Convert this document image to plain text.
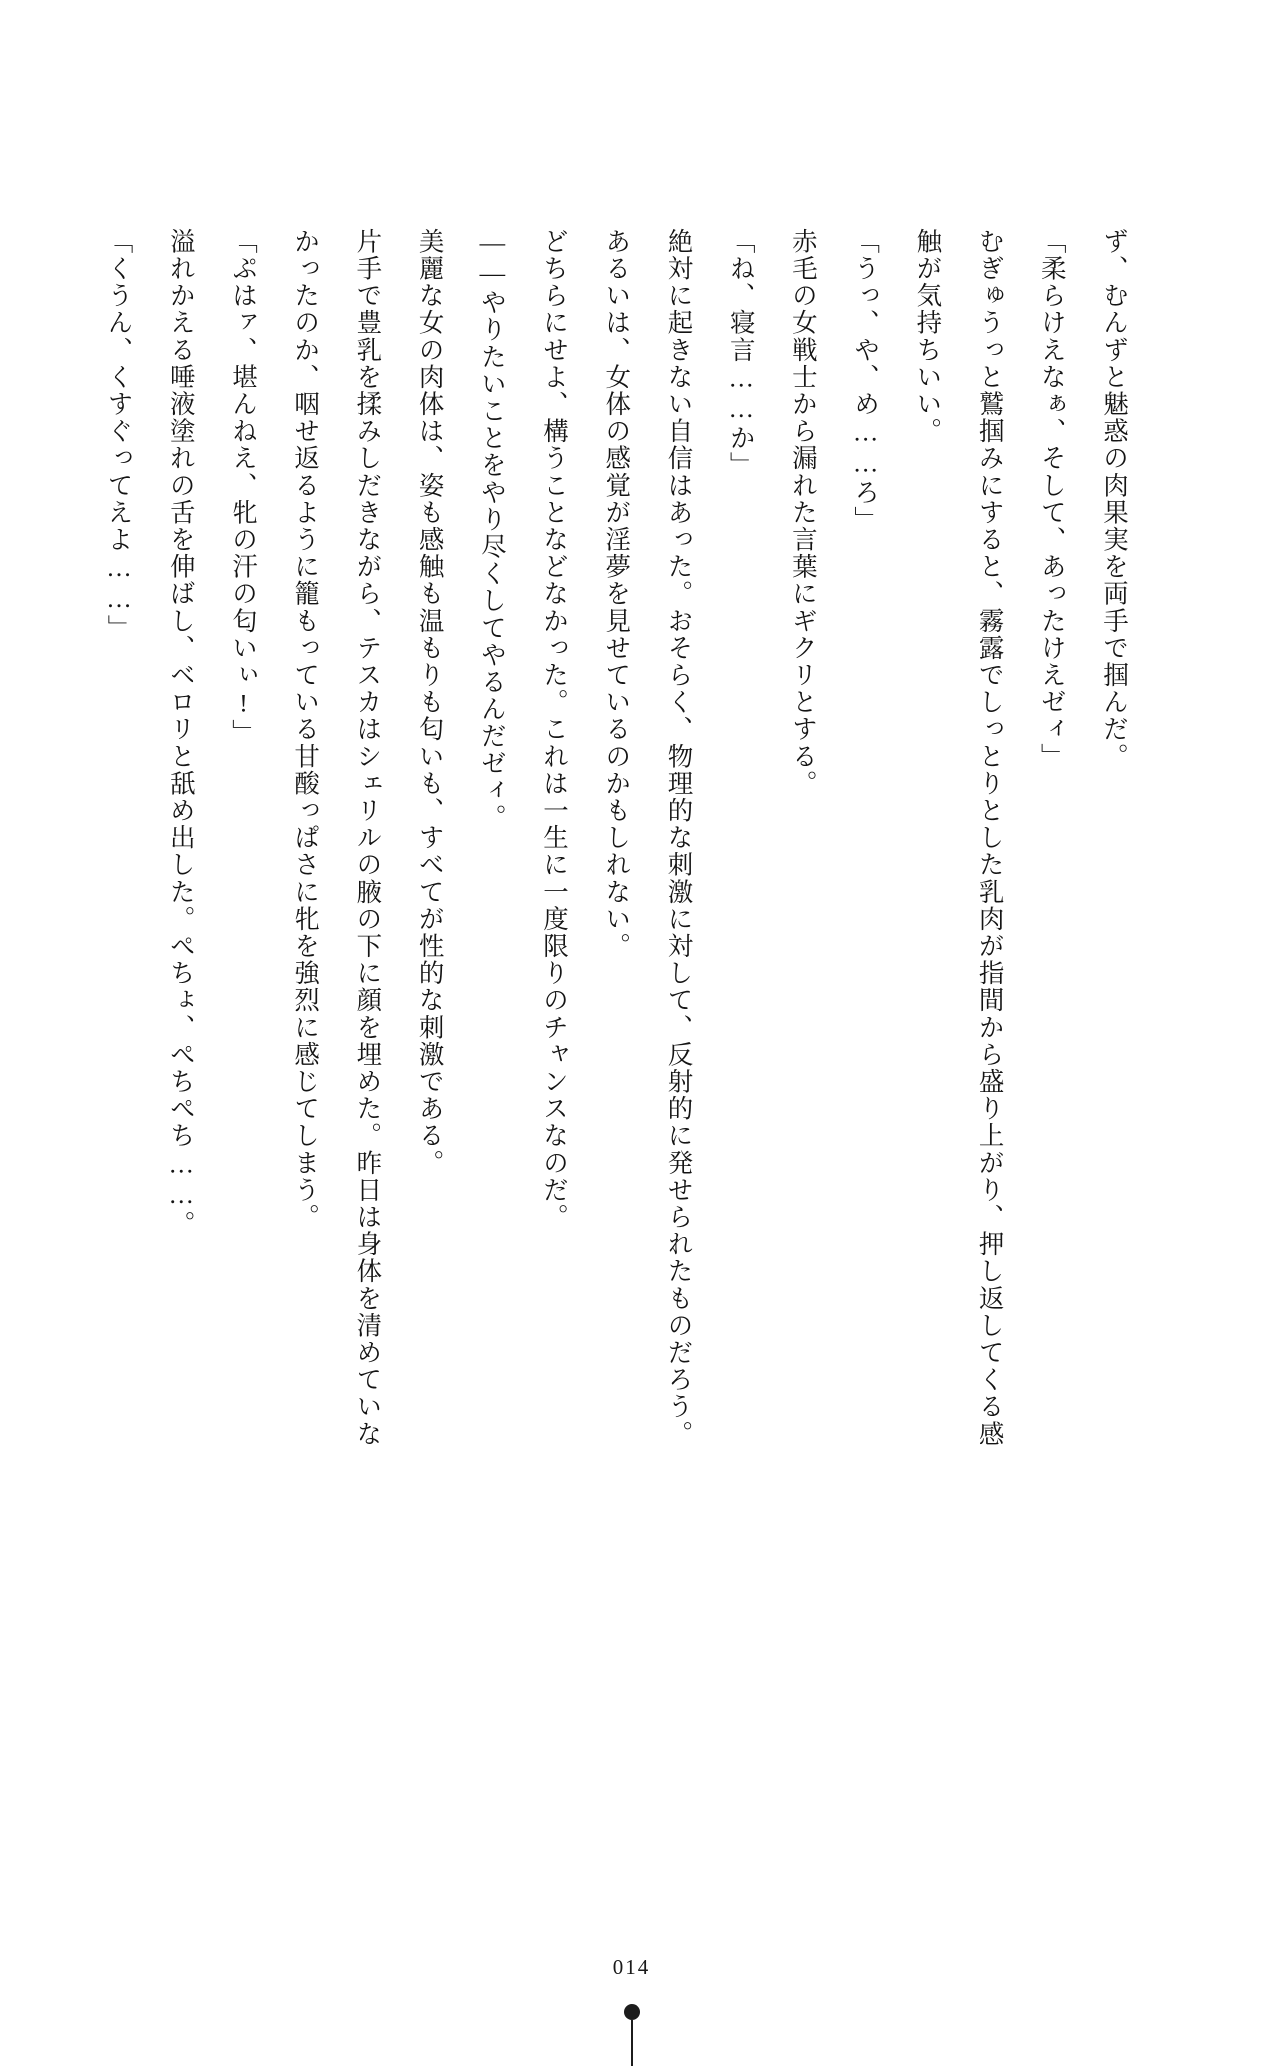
ず、むんずと魅惑の肉果実を両手で掴んだ。

「柔らけえなぁ、そして、あったけえゼィ」

むぎゅうっと鷲掴みにすると、霧露でしっとりとした乳肉が指間から盛り上がり、押し返してくる感触が気持ちいい。

「うっ、や、め……ろ」

赤毛の女戦士から漏れた言葉にギクリとする。

「ね、寝言……か」

絶対に起きない自信はあった。おそらく、物理的な刺激に対して、反射的に発せられたものだろう。あるいは、女体の感覚が淫夢を見せているのかもしれない。

どちらにせよ、構うことなどなかった。これは一生に一度限りのチャンスなのだ。

――やりたいことをやり尽くしてやるんだゼィ。

美麗な女の肉体は、姿も感触も温もりも匂いも、すべてが性的な刺激である。

片手で豊乳を揉みしだきながら、テスカはシェリルの腋の下に顔を埋めた。昨日は身体を清めていなかったのか、咽せ返るように籠もっている甘酸っぱさに牝を強烈に感じてしまう。

「ぷはァ、堪んねえ、牝の汗の匂いぃ!」

溢れかえる唾液塗れの舌を伸ばし、ベロリと舐め出した。ぺちょ、ぺちぺち……。

「くうん、くすぐってえよ……」

014
